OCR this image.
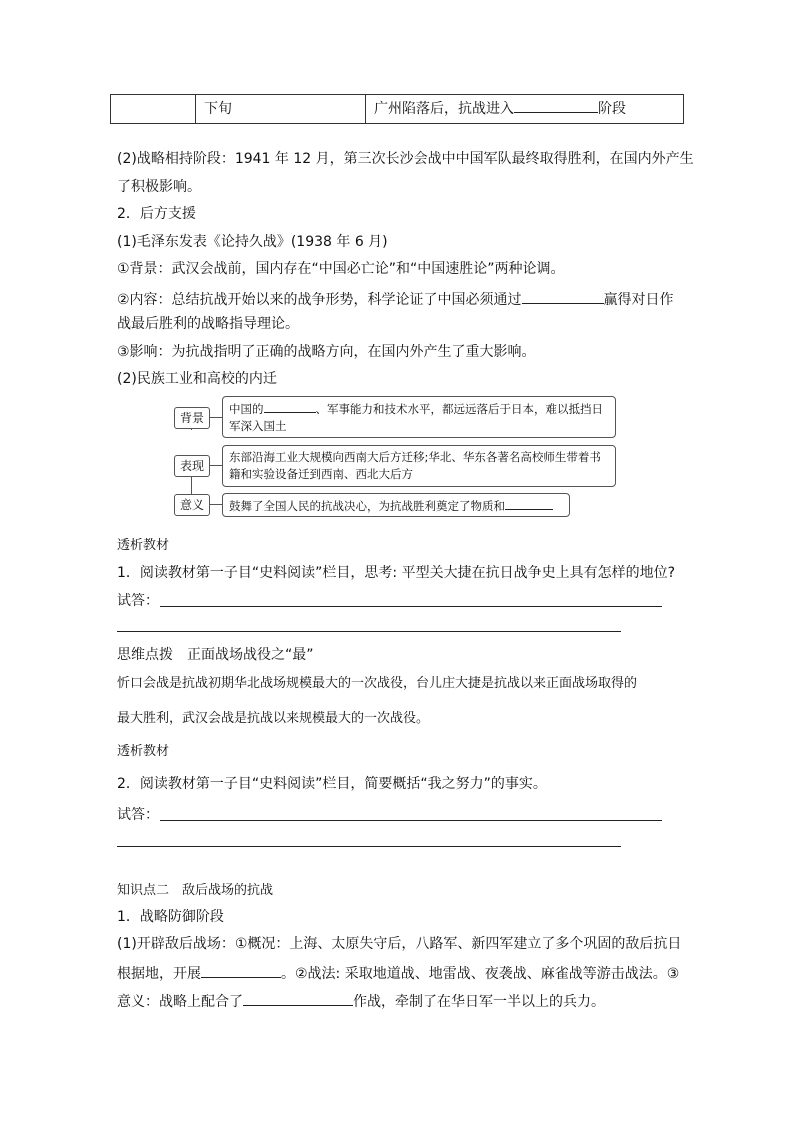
下旬	广州陷落后，抗战进入	阶段
(2)战略相持阶段：1941 年 12 月，第三次长沙会战中中国军队最终取得胜利，在国内外产生
了积极影响。
2．后方支援
(1)毛泽东发表《论持久战》(1938 年 6 月)
①背景：武汉会战前，国内存在“中国必亡论”和“中国速胜论”两种论调。
②内容：总结抗战开始以来的战争形势，科学论证了中国必须通过	赢得对日作
战最后胜利的战略指导理论。
③影响：为抗战指明了正确的战略方向，在国内外产生了重大影响。
(2)民族工业和高校的内迁
背景
表现
意义
中国的	、军事能力和技术水平，都远远落后于日本，难以抵挡日
军深入国土
东部沿海工业大规模向西南大后方迁移;华北、华东各著名高校师生带着书
籍和实验设备迁到西南、西北大后方
鼓舞了全国人民的抗战决心，为抗战胜利奠定了物质和
透析教材
1．阅读教材第一子目“史料阅读”栏目，思考: 平型关大捷在抗日战争史上具有怎样的地位?
试答：
思维点拨　正面战场战役之“最”
忻口会战是抗战初期华北战场规模最大的一次战役，台儿庄大捷是抗战以来正面战场取得的
最大胜利，武汉会战是抗战以来规模最大的一次战役。
透析教材
2．阅读教材第一子目“史料阅读”栏目，简要概括“我之努力”的事实。
试答：
知识点二　敌后战场的抗战
1．战略防御阶段
(1)开辟敌后战场：①概况：上海、太原失守后，八路军、新四军建立了多个巩固的敌后抗日
根据地，开展	。②战法: 采取地道战、地雷战、夜袭战、麻雀战等游击战法。③
意义：战略上配合了	作战，牵制了在华日军一半以上的兵力。
